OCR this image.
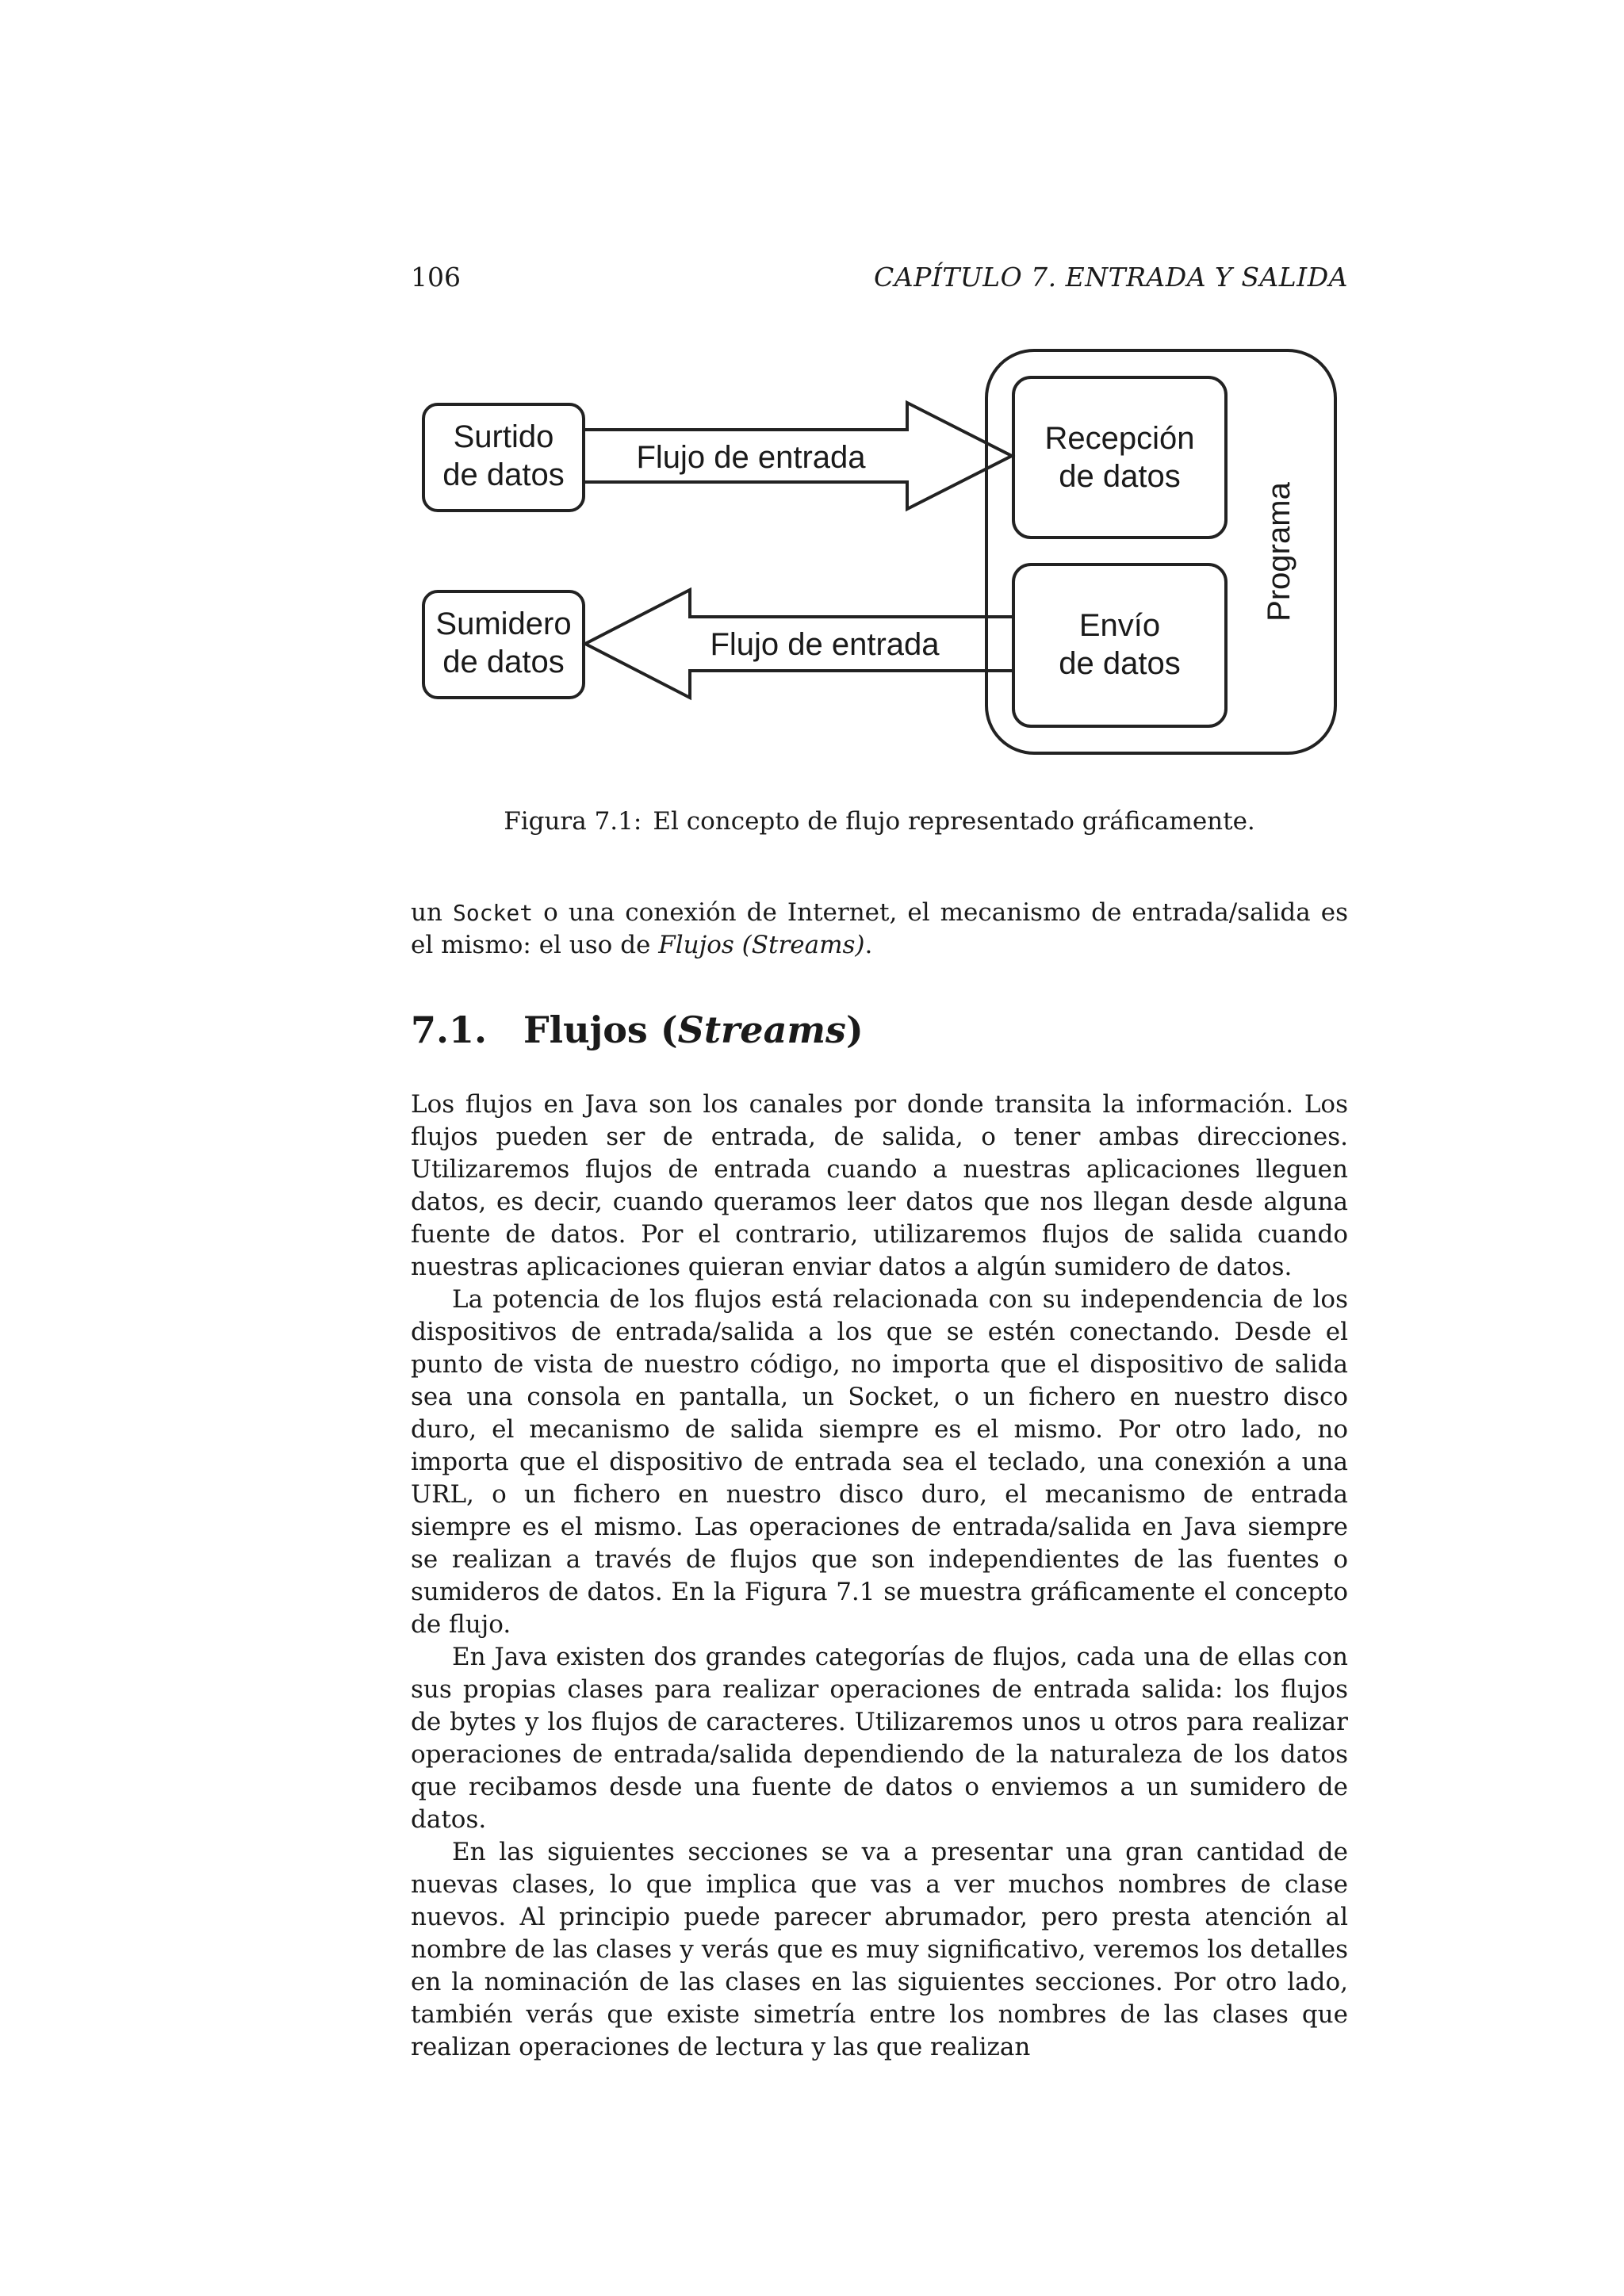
106	CAPÍTULO 7. ENTRADA Y SALIDA
Surtido
de datos
Sumidero
de datos
Flujo de entrada
Flujo de entrada
Recepción
de datos
Envío
de datos
Programa
Figura 7.1: El concepto de flujo representado gráficamente.
un Socket o una conexión de Internet, el mecanismo de entrada/salida es el mismo: el uso de Flujos (Streams).
7.1. Flujos (Streams)

Los flujos en Java son los canales por donde transita la información. Los flujos pueden ser de entrada, de salida, o tener ambas direcciones. Utilizaremos flujos de entrada cuando a nuestras aplicaciones lleguen datos, es decir, cuando queramos leer datos que nos llegan desde alguna fuente de datos. Por el contrario, utilizaremos flujos de salida cuando nuestras aplicaciones quieran enviar datos a algún sumidero de datos.

La potencia de los flujos está relacionada con su independencia de los dispositivos de entrada/salida a los que se estén conectando. Desde el punto de vista de nuestro código, no importa que el dispositivo de salida sea una consola en pantalla, un Socket, o un fichero en nuestro disco duro, el mecanismo de salida siempre es el mismo. Por otro lado, no importa que el dispositivo de entrada sea el teclado, una conexión a una URL, o un fichero en nuestro disco duro, el mecanismo de entrada siempre es el mismo. Las operaciones de entrada/salida en Java siempre se realizan a través de flujos que son independientes de las fuentes o sumideros de datos. En la Figura 7.1 se muestra gráficamente el concepto de flujo.

En Java existen dos grandes categorías de flujos, cada una de ellas con sus propias clases para realizar operaciones de entrada salida: los flujos de bytes y los flujos de caracteres. Utilizaremos unos u otros para realizar operaciones de entrada/salida dependiendo de la naturaleza de los datos que recibamos desde una fuente de datos o enviemos a un sumidero de datos.

En las siguientes secciones se va a presentar una gran cantidad de nuevas clases, lo que implica que vas a ver muchos nombres de clase nuevos. Al principio puede parecer abrumador, pero presta atención al nombre de las clases y verás que es muy significativo, veremos los detalles en la nominación de las clases en las siguientes secciones. Por otro lado, también verás que existe simetría entre los nombres de las clases que realizan operaciones de lectura y las que realizan
